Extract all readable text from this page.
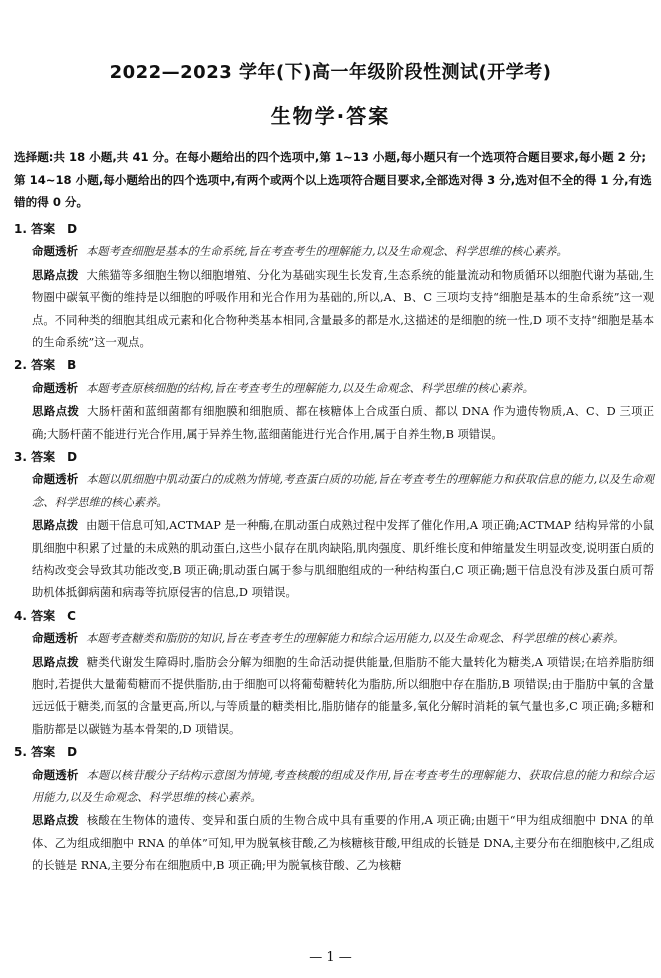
2022—2023 学年(下)高一年级阶段性测试(开学考)
生物学·答案
选择题:共 18 小题,共 41 分。在每小题给出的四个选项中,第 1~13 小题,每小题只有一个选项符合题目要求,每小题 2 分;第 14~18 小题,每小题给出的四个选项中,有两个或两个以上选项符合题目要求,全部选对得 3 分,选对但不全的得 1 分,有选错的得 0 分。
1. 答案　D
命题透析 本题考查细胞是基本的生命系统,旨在考查考生的理解能力,以及生命观念、科学思维的核心素养。
思路点拨 大熊猫等多细胞生物以细胞增殖、分化为基础实现生长发育,生态系统的能量流动和物质循环以细胞代谢为基础,生物圈中碳氧平衡的维持是以细胞的呼吸作用和光合作用为基础的,所以,A、B、C 三项均支持“细胞是基本的生命系统”这一观点。不同种类的细胞其组成元素和化合物种类基本相同,含量最多的都是水,这描述的是细胞的统一性,D 项不支持“细胞是基本的生命系统”这一观点。
2. 答案　B
命题透析 本题考查原核细胞的结构,旨在考查考生的理解能力,以及生命观念、科学思维的核心素养。
思路点拨 大肠杆菌和蓝细菌都有细胞膜和细胞质、都在核糖体上合成蛋白质、都以 DNA 作为遗传物质,A、C、D 三项正确;大肠杆菌不能进行光合作用,属于异养生物,蓝细菌能进行光合作用,属于自养生物,B 项错误。
3. 答案　D
命题透析 本题以肌细胞中肌动蛋白的成熟为情境,考查蛋白质的功能,旨在考查考生的理解能力和获取信息的能力,以及生命观念、科学思维的核心素养。
思路点拨 由题干信息可知,ACTMAP 是一种酶,在肌动蛋白成熟过程中发挥了催化作用,A 项正确;ACTMAP 结构异常的小鼠肌细胞中积累了过量的未成熟的肌动蛋白,这些小鼠存在肌肉缺陷,肌肉强度、肌纤维长度和伸缩量发生明显改变,说明蛋白质的结构改变会导致其功能改变,B 项正确;肌动蛋白属于参与肌细胞组成的一种结构蛋白,C 项正确;题干信息没有涉及蛋白质可帮助机体抵御病菌和病毒等抗原侵害的信息,D 项错误。
4. 答案　C
命题透析 本题考查糖类和脂肪的知识,旨在考查考生的理解能力和综合运用能力,以及生命观念、科学思维的核心素养。
思路点拨 糖类代谢发生障碍时,脂肪会分解为细胞的生命活动提供能量,但脂肪不能大量转化为糖类,A 项错误;在培养脂肪细胞时,若提供大量葡萄糖而不提供脂肪,由于细胞可以将葡萄糖转化为脂肪,所以细胞中存在脂肪,B 项错误;由于脂肪中氧的含量远远低于糖类,而氢的含量更高,所以,与等质量的糖类相比,脂肪储存的能量多,氧化分解时消耗的氧气量也多,C 项正确;多糖和脂肪都是以碳链为基本骨架的,D 项错误。
5. 答案　D
命题透析 本题以核苷酸分子结构示意图为情境,考查核酸的组成及作用,旨在考查考生的理解能力、获取信息的能力和综合运用能力,以及生命观念、科学思维的核心素养。
思路点拨 核酸在生物体的遗传、变异和蛋白质的生物合成中具有重要的作用,A 项正确;由题干“甲为组成细胞中 DNA 的单体、乙为组成细胞中 RNA 的单体”可知,甲为脱氧核苷酸,乙为核糖核苷酸,甲组成的长链是 DNA,主要分布在细胞核中,乙组成的长链是 RNA,主要分布在细胞质中,B 项正确;甲为脱氧核苷酸、乙为核糖
— 1 —
